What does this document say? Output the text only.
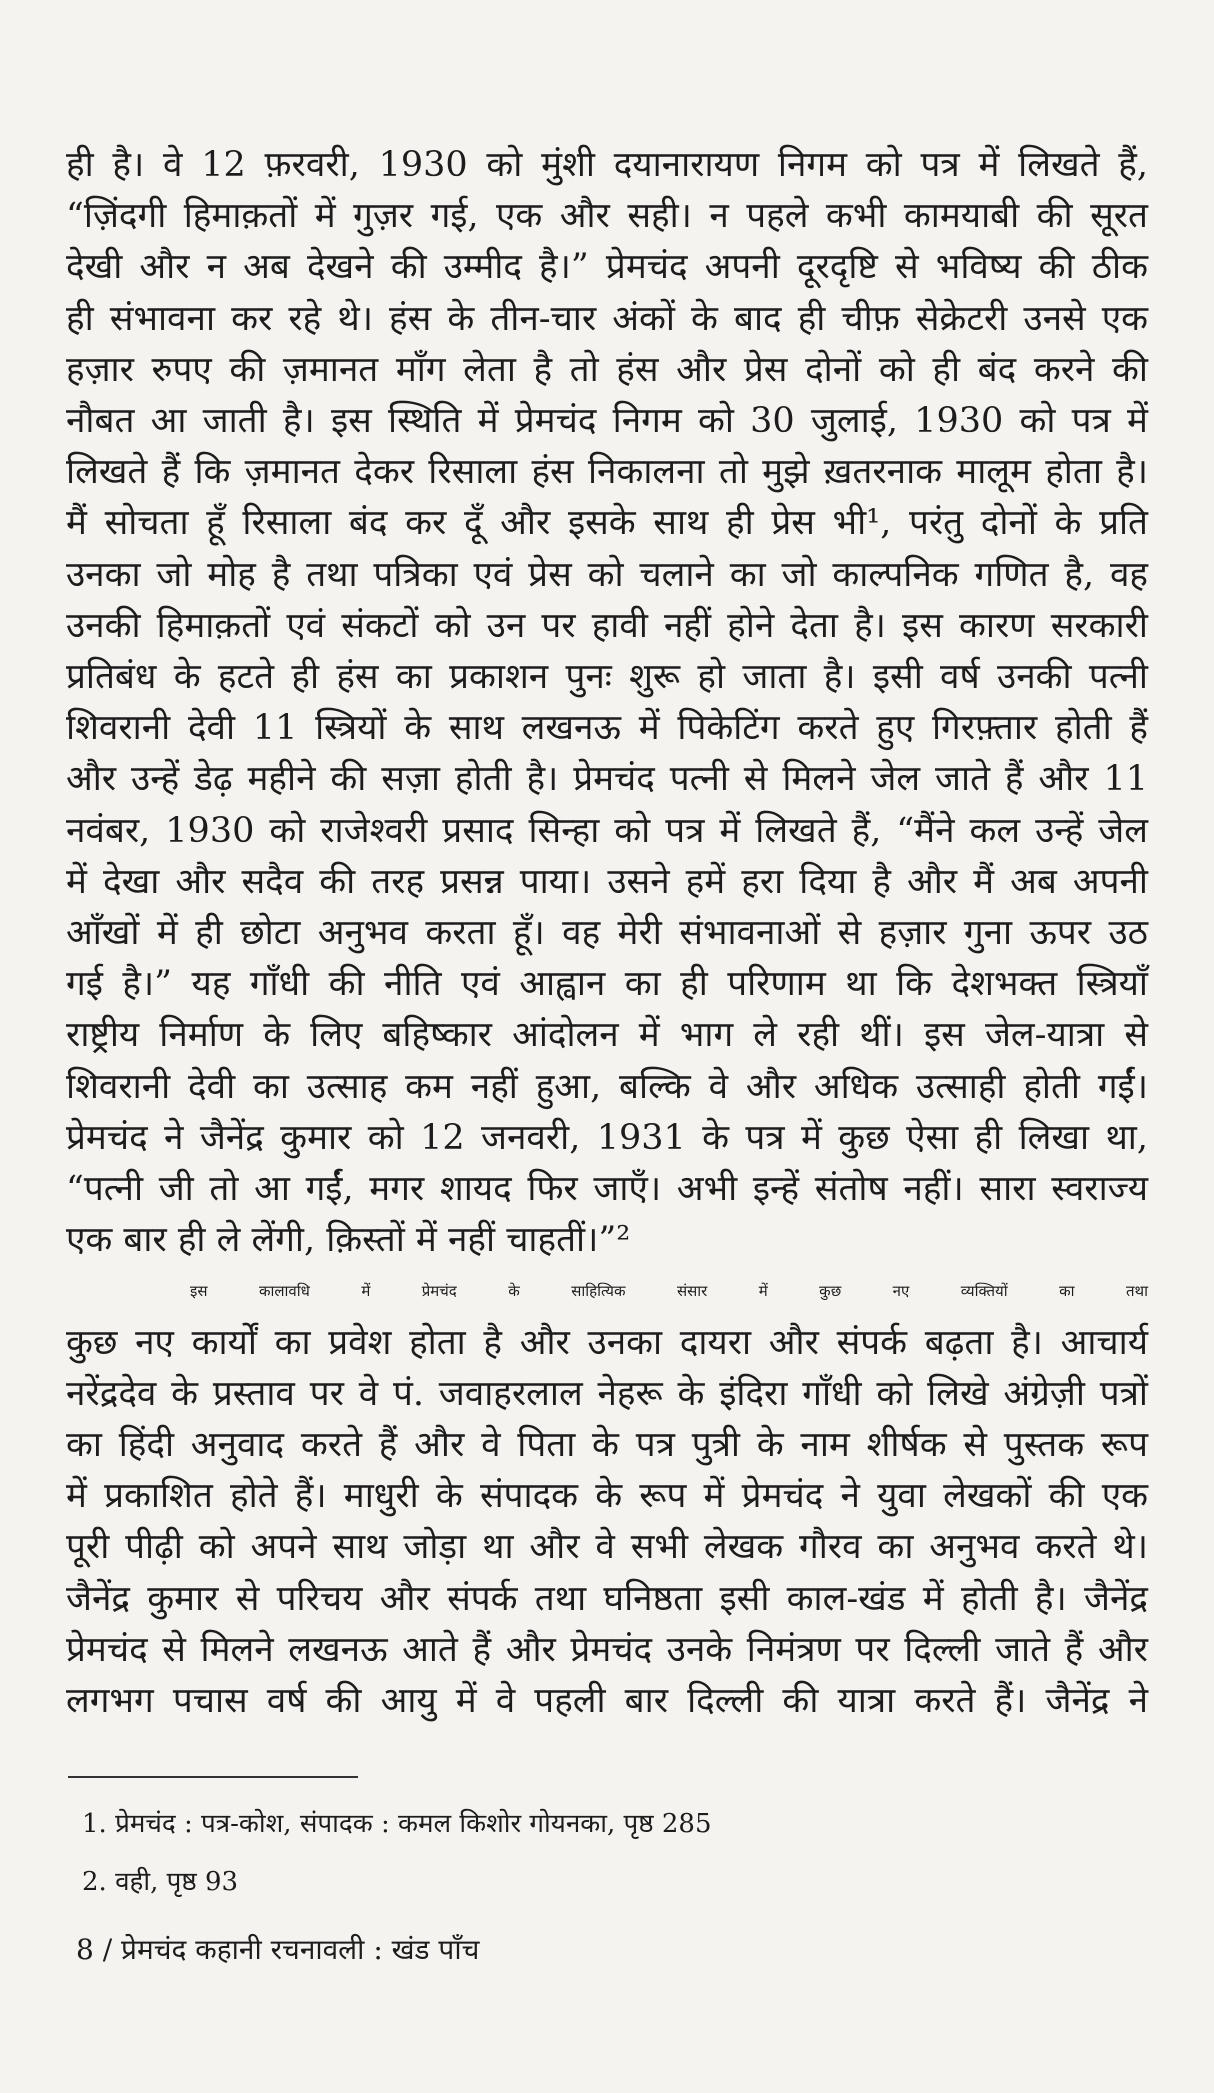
ही है। वे 12 फ़रवरी, 1930 को मुंशी दयानारायण निगम को पत्र में लिखते हैं,
“ज़िंदगी हिमाक़तों में गुज़र गई, एक और सही। न पहले कभी कामयाबी की सूरत
देखी और न अब देखने की उम्मीद है।” प्रेमचंद अपनी दूरदृष्टि से भविष्य की ठीक
ही संभावना कर रहे थे। हंस के तीन-चार अंकों के बाद ही चीफ़ सेक्रेटरी उनसे एक
हज़ार रुपए की ज़मानत माँग लेता है तो हंस और प्रेस दोनों को ही बंद करने की
नौबत आ जाती है। इस स्थिति में प्रेमचंद निगम को 30 जुलाई, 1930 को पत्र में
लिखते हैं कि ज़मानत देकर रिसाला हंस निकालना तो मुझे ख़तरनाक मालूम होता है।
मैं सोचता हूँ रिसाला बंद कर दूँ और इसके साथ ही प्रेस भी¹, परंतु दोनों के प्रति
उनका जो मोह है तथा पत्रिका एवं प्रेस को चलाने का जो काल्पनिक गणित है, वह
उनकी हिमाक़तों एवं संकटों को उन पर हावी नहीं होने देता है। इस कारण सरकारी
प्रतिबंध के हटते ही हंस का प्रकाशन पुनः शुरू हो जाता है। इसी वर्ष उनकी पत्नी
शिवरानी देवी 11 स्त्रियों के साथ लखनऊ में पिकेटिंग करते हुए गिरफ़्तार होती हैं
और उन्हें डेढ़ महीने की सज़ा होती है। प्रेमचंद पत्नी से मिलने जेल जाते हैं और 11
नवंबर, 1930 को राजेश्वरी प्रसाद सिन्हा को पत्र में लिखते हैं, “मैंने कल उन्हें जेल
में देखा और सदैव की तरह प्रसन्न पाया। उसने हमें हरा दिया है और मैं अब अपनी
आँखों में ही छोटा अनुभव करता हूँ। वह मेरी संभावनाओं से हज़ार गुना ऊपर उठ
गई है।” यह गाँधी की नीति एवं आह्वान का ही परिणाम था कि देशभक्त स्त्रियाँ
राष्ट्रीय निर्माण के लिए बहिष्कार आंदोलन में भाग ले रही थीं। इस जेल-यात्रा से
शिवरानी देवी का उत्साह कम नहीं हुआ, बल्कि वे और अधिक उत्साही होती गईं।
प्रेमचंद ने जैनेंद्र कुमार को 12 जनवरी, 1931 के पत्र में कुछ ऐसा ही लिखा था,
“पत्नी जी तो आ गईं, मगर शायद फिर जाएँ। अभी इन्हें संतोष नहीं। सारा स्वराज्य
एक बार ही ले लेंगी, क़िस्तों में नहीं चाहतीं।”²
इस कालावधि में प्रेमचंद के साहित्यिक संसार में कुछ नए व्यक्तियों का तथा
कुछ नए कार्यों का प्रवेश होता है और उनका दायरा और संपर्क बढ़ता है। आचार्य
नरेंद्रदेव के प्रस्ताव पर वे पं. जवाहरलाल नेहरू के इंदिरा गाँधी को लिखे अंग्रेज़ी पत्रों
का हिंदी अनुवाद करते हैं और वे पिता के पत्र पुत्री के नाम शीर्षक से पुस्तक रूप
में प्रकाशित होते हैं। माधुरी के संपादक के रूप में प्रेमचंद ने युवा लेखकों की एक
पूरी पीढ़ी को अपने साथ जोड़ा था और वे सभी लेखक गौरव का अनुभव करते थे।
जैनेंद्र कुमार से परिचय और संपर्क तथा घनिष्ठता इसी काल-खंड में होती है। जैनेंद्र
प्रेमचंद से मिलने लखनऊ आते हैं और प्रेमचंद उनके निमंत्रण पर दिल्ली जाते हैं और
लगभग पचास वर्ष की आयु में वे पहली बार दिल्ली की यात्रा करते हैं। जैनेंद्र ने
1. प्रेमचंद : पत्र-कोश, संपादक : कमल किशोर गोयनका, पृष्ठ 285
2. वही, पृष्ठ 93
8 / प्रेमचंद कहानी रचनावली : खंड पाँच
